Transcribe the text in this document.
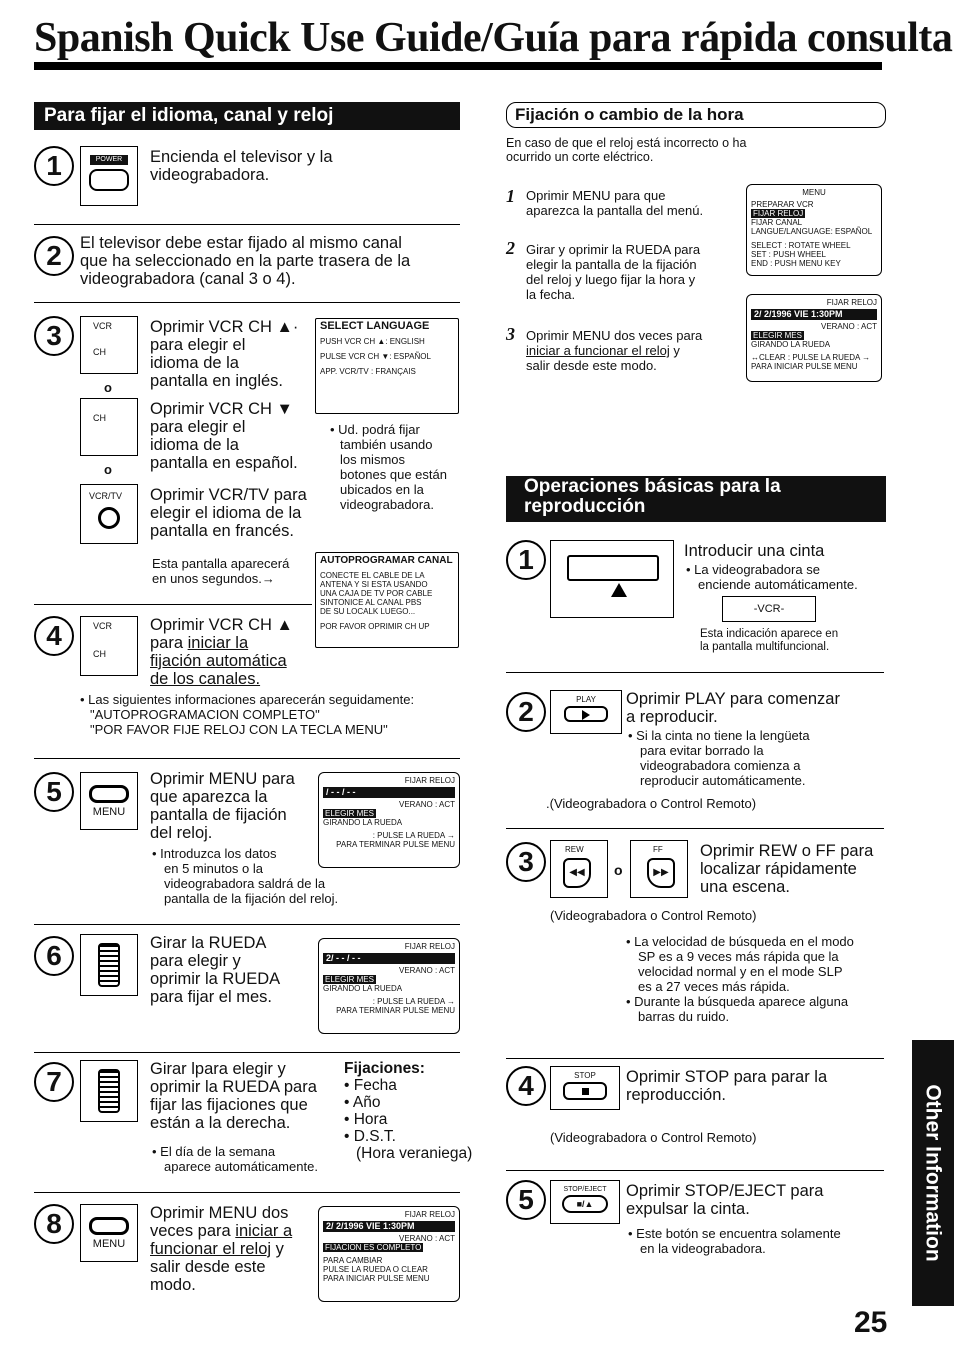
Spanish Quick Use Guide/Guía para rápida consulta
Para fijar el idioma, canal y reloj
1	POWER	Encienda el televisor y la
videograbadora.
2	El televisor debe estar fijado al mismo canal
que ha seleccionado en la parte trasera de la
videograbadora (canal 3 o 4).
3	VCR
CH
o
CH
o
VCR/TV
Oprimir VCR CH ▲·
para elegir el
idioma de la
pantalla en inglés.
Oprimir VCR CH ▼
para elegir el
idioma de la
pantalla en español.
Oprimir VCR/TV para
elegir el idioma de la
pantalla en francés.
SELECT LANGUAGE
PUSH VCR CH ▲: ENGLISH
PULSE VCR CH ▼: ESPAÑOL
APP. VCR/TV : FRANÇAIS
• Ud. podrá fijar
también usando
los mismos
botones que están
ubicados en la
videograbadora.
Esta pantalla aparecerá
en unos segundos.→
AUTOPROGRAMAR CANAL
CONECTE EL CABLE DE LA
ANTENA Y SI ESTA USANDO
UNA CAJA DE TV POR CABLE
SINTONICE AL CANAL PBS
DE SU LOCALK LUEGO...
POR FAVOR OPRIMIR CH UP
4	VCR
CH
Oprimir VCR CH ▲
para iniciar la
fijación automática
de los canales.
• Las siguientes informaciones aparecerán seguidamente:
"AUTOPROGRAMACION COMPLETO"
"POR FAVOR FIJE RELOJ CON LA TECLA MENU"
5
MENU
Oprimir MENU para
que aparezca la
pantalla de fijación
del reloj.
• Introduzca los datos
en 5 minutos o la
videograbadora saldrá de la
pantalla de la fijación del reloj.
FIJAR RELOJ
/ - - / - -
VERANO : ACT
ELEGIR MES
GIRANDO LA RUEDA
: PULSE LA RUEDA →
PARA TERMINAR PULSE MENU
6	Girar la RUEDA
para elegir y
oprimir la RUEDA
para fijar el mes.
FIJAR RELOJ
2/ - - / - -
VERANO : ACT
ELEGIR MES
GIRANDO LA RUEDA
: PULSE LA RUEDA →
PARA TERMINAR PULSE MENU
7	Girar lpara elegir y
oprimir la RUEDA para
fijar las fijaciones que
están a la derecha.
Fijaciones:
• Fecha
• Año
• Hora
• D.S.T.
(Hora veraniega)
• El día de la semana
aparece automáticamente.
8
MENU
Oprimir MENU dos
veces para iniciar a
funcionar el reloj y
salir desde este
modo.
FIJAR RELOJ
2/ 2/1996 VIE 1:30PM
VERANO : ACT
FIJACION ES COMPLETO
PARA CAMBIAR
PULSE LA RUEDA O CLEAR
PARA INICIAR PULSE MENU
Fijación o cambio de la hora
En caso de que el reloj está incorrecto o ha
ocurrido un corte eléctrico.
1 Oprimir MENU para que
aparezca la pantalla del menú.
2 Girar y oprimir la RUEDA para
elegir la pantalla de la fijación
del reloj y luego fijar la hora y
la fecha.
3 Oprimir MENU dos veces para
iniciar a funcionar el reloj y
salir desde este modo.
MENU
PREPARAR VCR
FIJAR RELOJ
FIJAR CANAL
LANGUE/LANGUAGE: ESPAÑOL
SELECT : ROTATE WHEEL
SET : PUSH WHEEL
END : PUSH MENU KEY
FIJAR RELOJ
2/ 2/1996 VIE 1:30PM
VERANO : ACT
ELEGIR MES
GIRANDO LA RUEDA
↔CLEAR : PULSE LA RUEDA →
PARA INICIAR PULSE MENU
Operaciones básicas para la
reproducción
1	Introducir una cinta
• La videograbadora se
enciende automáticamente.
-VCR-
Esta indicación aparece en
la pantalla multifuncional.
2	PLAY	Oprimir PLAY para comenzar
a reproducir.
• Si la cinta no tiene la lengüeta
para evitar borrado la
videograbadora comienza a
reproducir automáticamente.
.(Videograbadora o Control Remoto)
3	REW
◀◀	o
FF
▶▶
Oprimir REW o FF para
localizar rápidamente
una escena.
(Videograbadora o Control Remoto)
• La velocidad de búsqueda en el modo
SP es a 9 veces más rápida que la
velocidad normal y en el mode SLP
es a 27 veces más rápida.
• Durante la búsqueda aparece alguna
barras du ruido.
4	STOP	Oprimir STOP para parar la
reproducción.
(Videograbadora o Control Remoto)
5	STOP/EJECT
■/▲
Oprimir STOP/EJECT para
expulsar la cinta.
• Este botón se encuentra solamente
en la videograbadora.	Other Information
25
